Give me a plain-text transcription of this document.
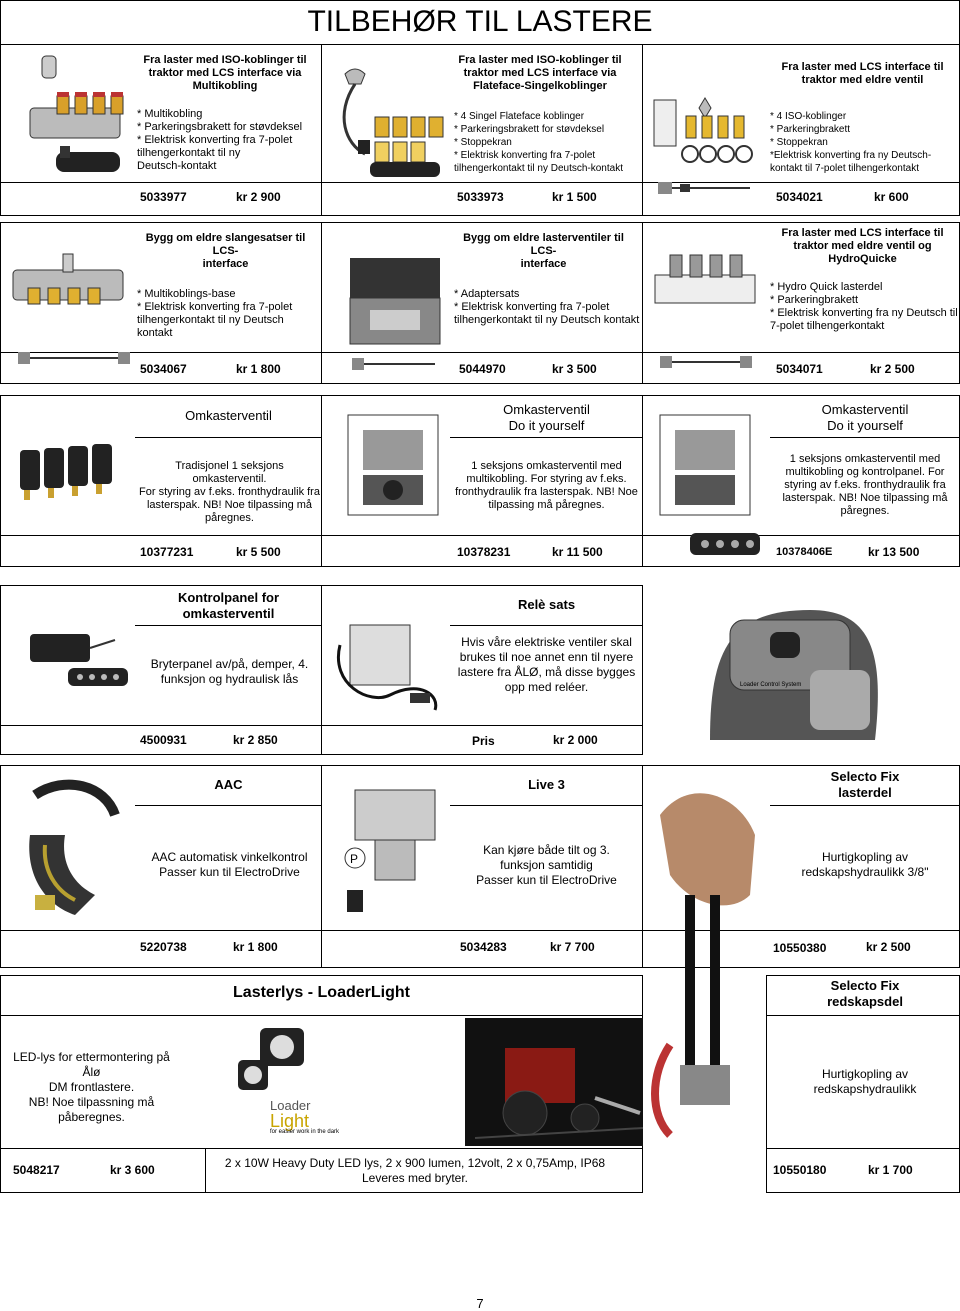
TILBEHØR TIL LASTERE
Fra laster med ISO-koblinger til
traktor med LCS interface via
Multikobling
Fra laster med ISO-koblinger til
traktor med LCS interface via
Flateface-Singelkoblinger
Fra laster med LCS interface til
traktor med eldre ventil
* Multikobling
* Parkeringsbrakett for støvdeksel
* Elektrisk konverting fra 7-polet
tilhengerkontakt til ny
Deutsch-kontakt
* 4 Singel Flateface koblinger
* Parkeringsbrakett for støvdeksel
* Stoppekran
* Elektrisk konverting fra 7-polet
tilhengerkontakt til ny Deutsch-kontakt
* 4 ISO-koblinger
* Parkeringbrakett
* Stoppekran
*Elektrisk konverting fra ny Deutsch-
kontakt til 7-polet tilhengerkontakt
5033977	kr 2 900	5033973	kr 1 500	5034021	kr 600
Bygg om eldre slangesatser til LCS-
interface
Bygg om eldre lasterventiler til LCS-
interface
Fra laster med LCS interface til
traktor med eldre ventil og
HydroQuicke
* Multikoblings-base
* Elektrisk konverting fra 7-polet
tilhengerkontakt til ny Deutsch kontakt
* Adaptersats
* Elektrisk konverting fra 7-polet
tilhengerkontakt til ny Deutsch kontakt
* Hydro Quick lasterdel
* Parkeringbrakett
* Elektrisk konverting fra ny Deutsch til
7-polet tilhengerkontakt
5034067	kr 1 800	5044970	kr 3 500	5034071	kr 2 500
Omkasterventil	Omkasterventil
Do it yourself
Omkasterventil
Do it yourself
Tradisjonel 1 seksjons omkasterventil.
For styring av f.eks. fronthydraulik fra
lasterspak. NB! Noe tilpassing må
påregnes.
1 seksjons omkasterventil med
multikobling. For styring av f.eks.
fronthydraulik fra lasterspak. NB! Noe
tilpassing må påregnes.
1 seksjons omkasterventil med
multikobling og kontrolpanel. For
styring av f.eks. fronthydraulik fra
lasterspak. NB! Noe tilpassing må
påregnes.
10377231	kr 5 500	10378231	kr 11 500	10378406E	kr 13 500
Kontrolpanel for
omkasterventil
Relè sats
Bryterpanel av/på, demper, 4.
funksjon og hydraulisk lås
Hvis våre elektriske ventiler skal
brukes til noe annet enn til nyere
lastere fra ÅLØ, må disse bygges
opp med reléer.
4500931	kr 2 850	Pris	kr 2 000
Loader Control System
AAC	Live 3
Selecto Fix
lasterdel
AAC automatisk vinkelkontrol
Passer kun til ElectroDrive
Kan kjøre både tilt og 3.
funksjon samtidig
Passer kun til ElectroDrive
Hurtigkopling av
redskapshydraulikk 3/8"
5220738	kr 1 800	5034283	kr 7 700	10550380	kr 2 500
P
Lasterlys - LoaderLight	Selecto Fix
redskapsdel
LED-lys for ettermontering på Ålø
DM frontlastere.
NB! Noe tilpassning må
påberegnes.
Hurtigkopling av
redskapshydraulikk
5048217	kr 3 600	2 x 10W Heavy Duty LED lys, 2 x 900 lumen, 12volt, 2 x 0,75Amp, IP68
Leveres med bryter.
10550180	kr 1 700
Loader
Light
for easier work in the dark
7
